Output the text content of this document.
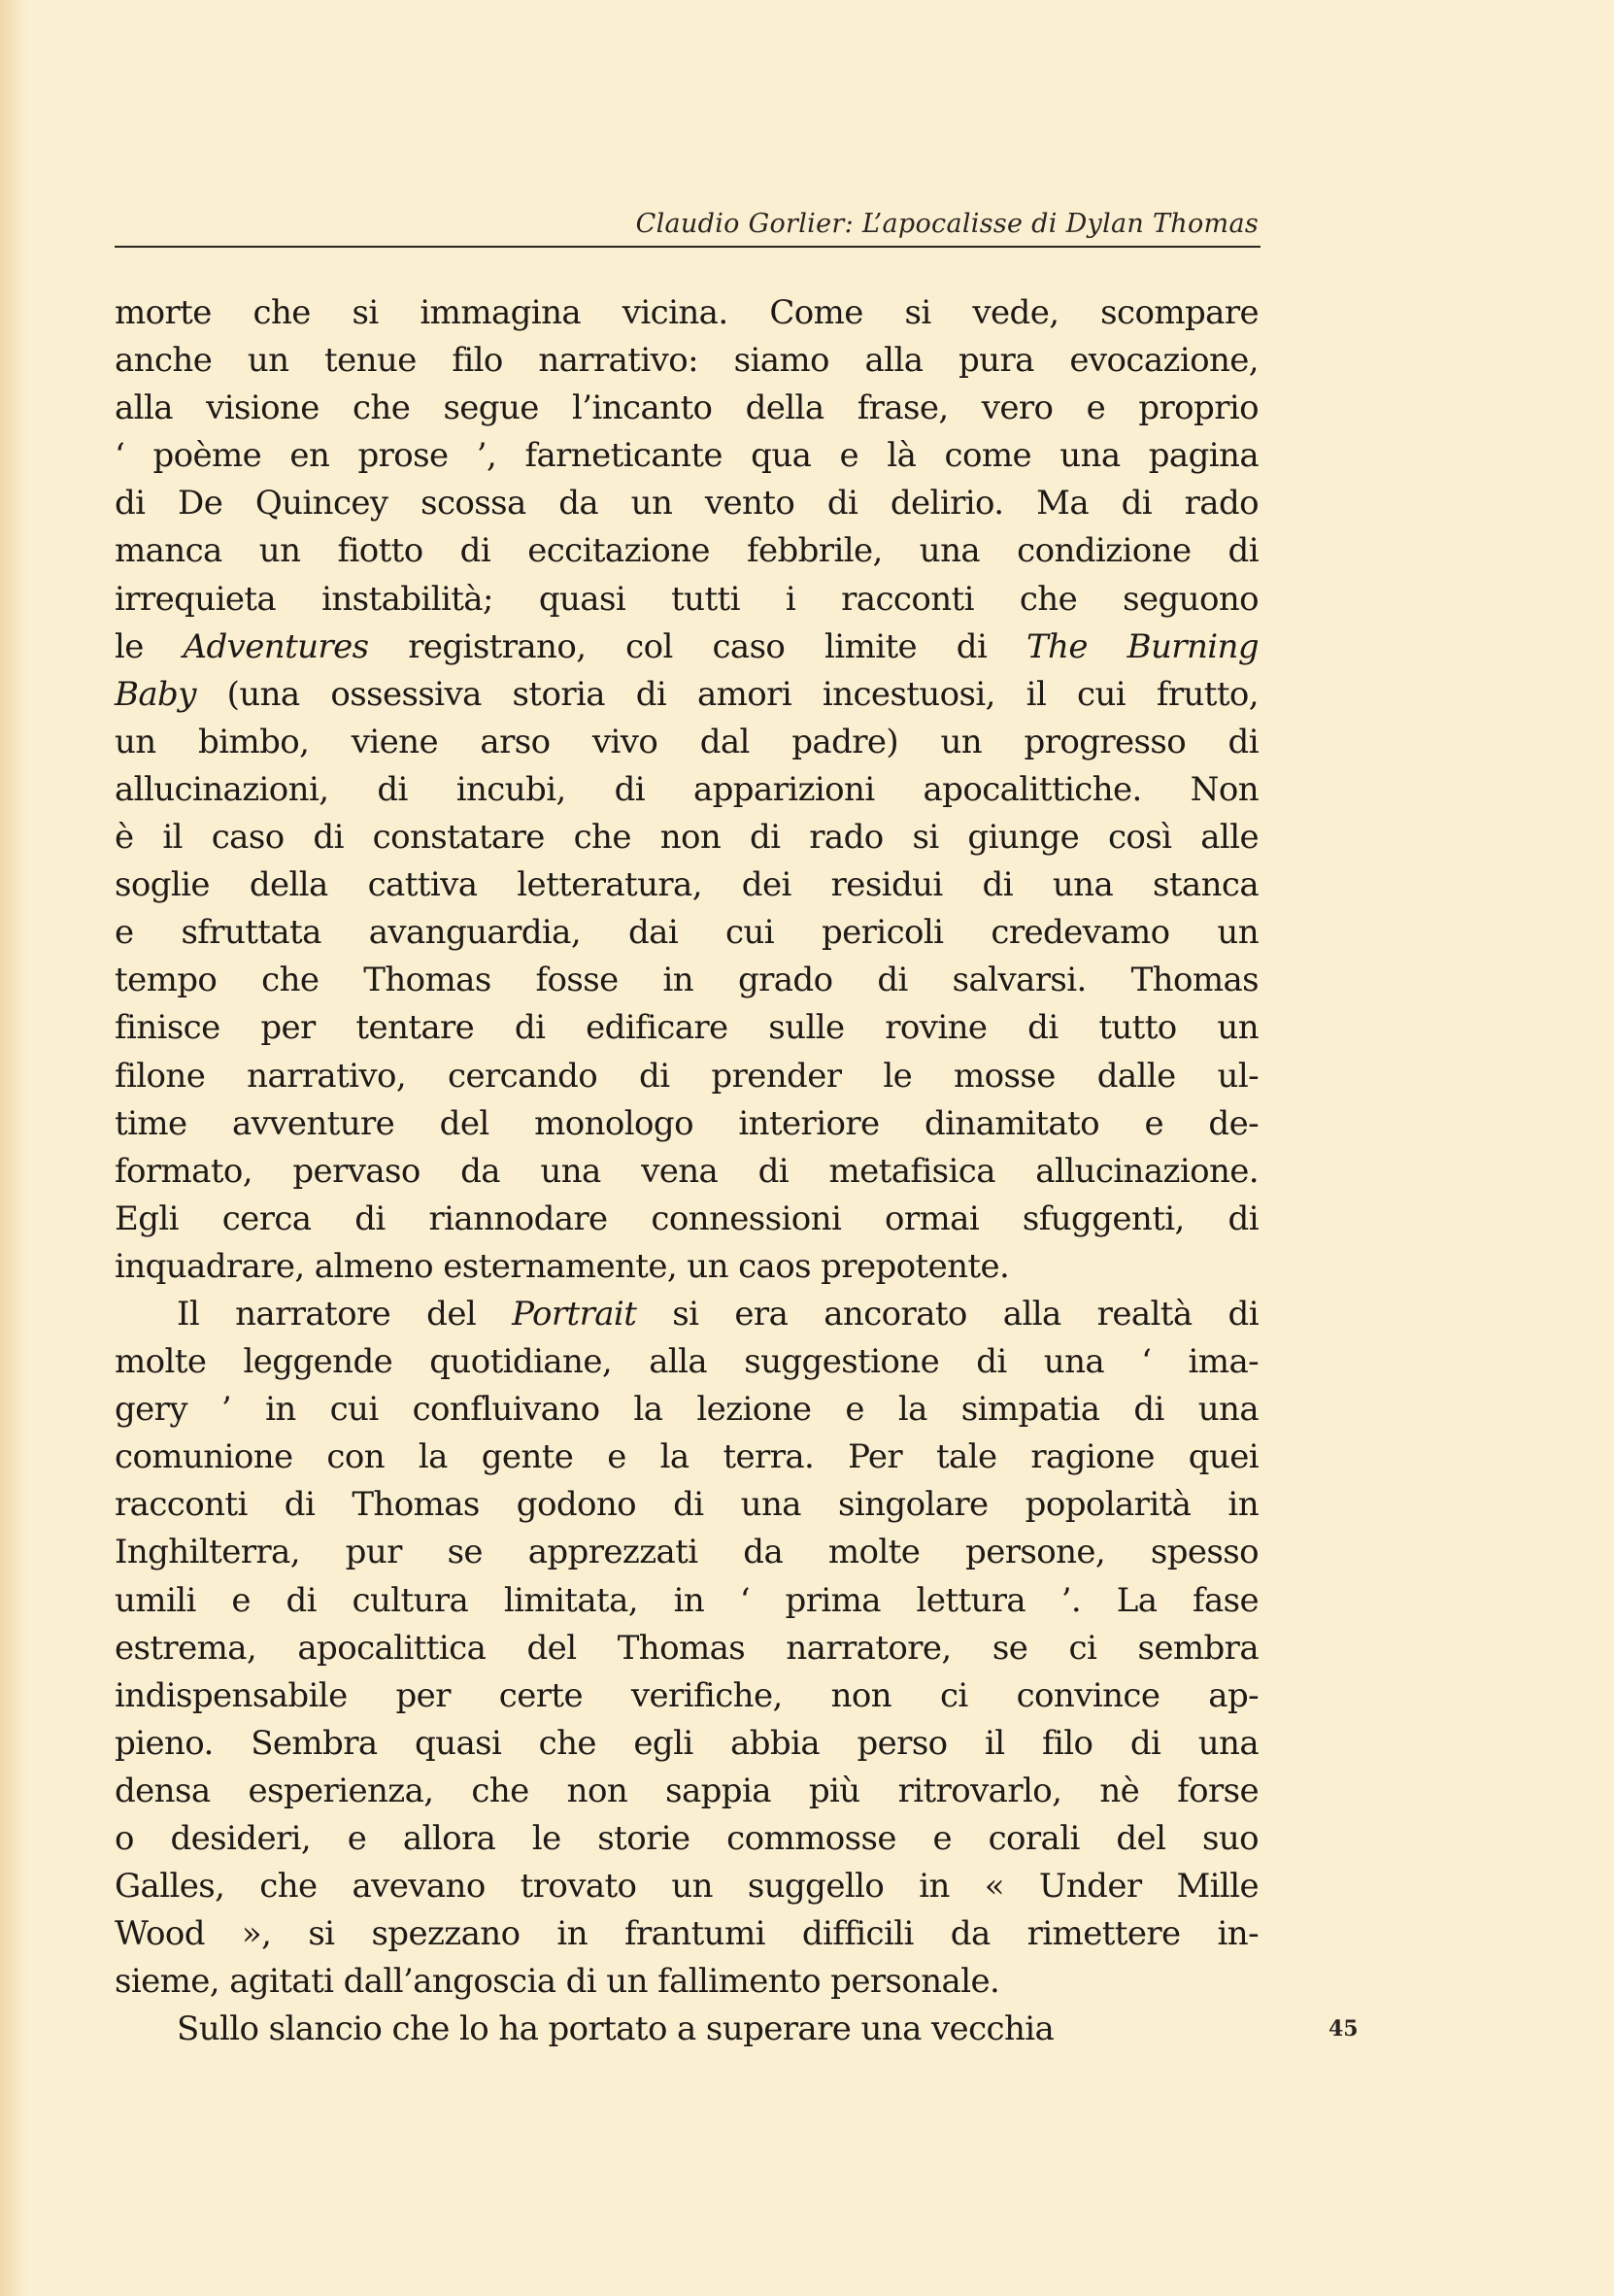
Claudio Gorlier: L’apocalisse di Dylan Thomas
morte che si immagina vicina. Come si vede, scompare
anche un tenue filo narrativo: siamo alla pura evocazione,
alla visione che segue l’incanto della frase, vero e proprio
‘ poème en prose ’, farneticante qua e là come una pagina
di De Quincey scossa da un vento di delirio. Ma di rado
manca un fiotto di eccitazione febbrile, una condizione di
irrequieta instabilità; quasi tutti i racconti che seguono
le Adventures registrano, col caso limite di The Burning
Baby (una ossessiva storia di amori incestuosi, il cui frutto,
un bimbo, viene arso vivo dal padre) un progresso di
allucinazioni, di incubi, di apparizioni apocalittiche. Non
è il caso di constatare che non di rado si giunge così alle
soglie della cattiva letteratura, dei residui di una stanca
e sfruttata avanguardia, dai cui pericoli credevamo un
tempo che Thomas fosse in grado di salvarsi. Thomas
finisce per tentare di edificare sulle rovine di tutto un
filone narrativo, cercando di prender le mosse dalle ul-
time avventure del monologo interiore dinamitato e de-
formato, pervaso da una vena di metafisica allucinazione.
Egli cerca di riannodare connessioni ormai sfuggenti, di
inquadrare, almeno esternamente, un caos prepotente.
Il narratore del Portrait si era ancorato alla realtà di
molte leggende quotidiane, alla suggestione di una ‘ ima-
gery ’ in cui confluivano la lezione e la simpatia di una
comunione con la gente e la terra. Per tale ragione quei
racconti di Thomas godono di una singolare popolarità in
Inghilterra, pur se apprezzati da molte persone, spesso
umili e di cultura limitata, in ‘ prima lettura ’. La fase
estrema, apocalittica del Thomas narratore, se ci sembra
indispensabile per certe verifiche, non ci convince ap-
pieno. Sembra quasi che egli abbia perso il filo di una
densa esperienza, che non sappia più ritrovarlo, nè forse
o desideri, e allora le storie commosse e corali del suo
Galles, che avevano trovato un suggello in « Under Mille
Wood », si spezzano in frantumi difficili da rimettere in-
sieme, agitati dall’angoscia di un fallimento personale.
Sullo slancio che lo ha portato a superare una vecchia	45
